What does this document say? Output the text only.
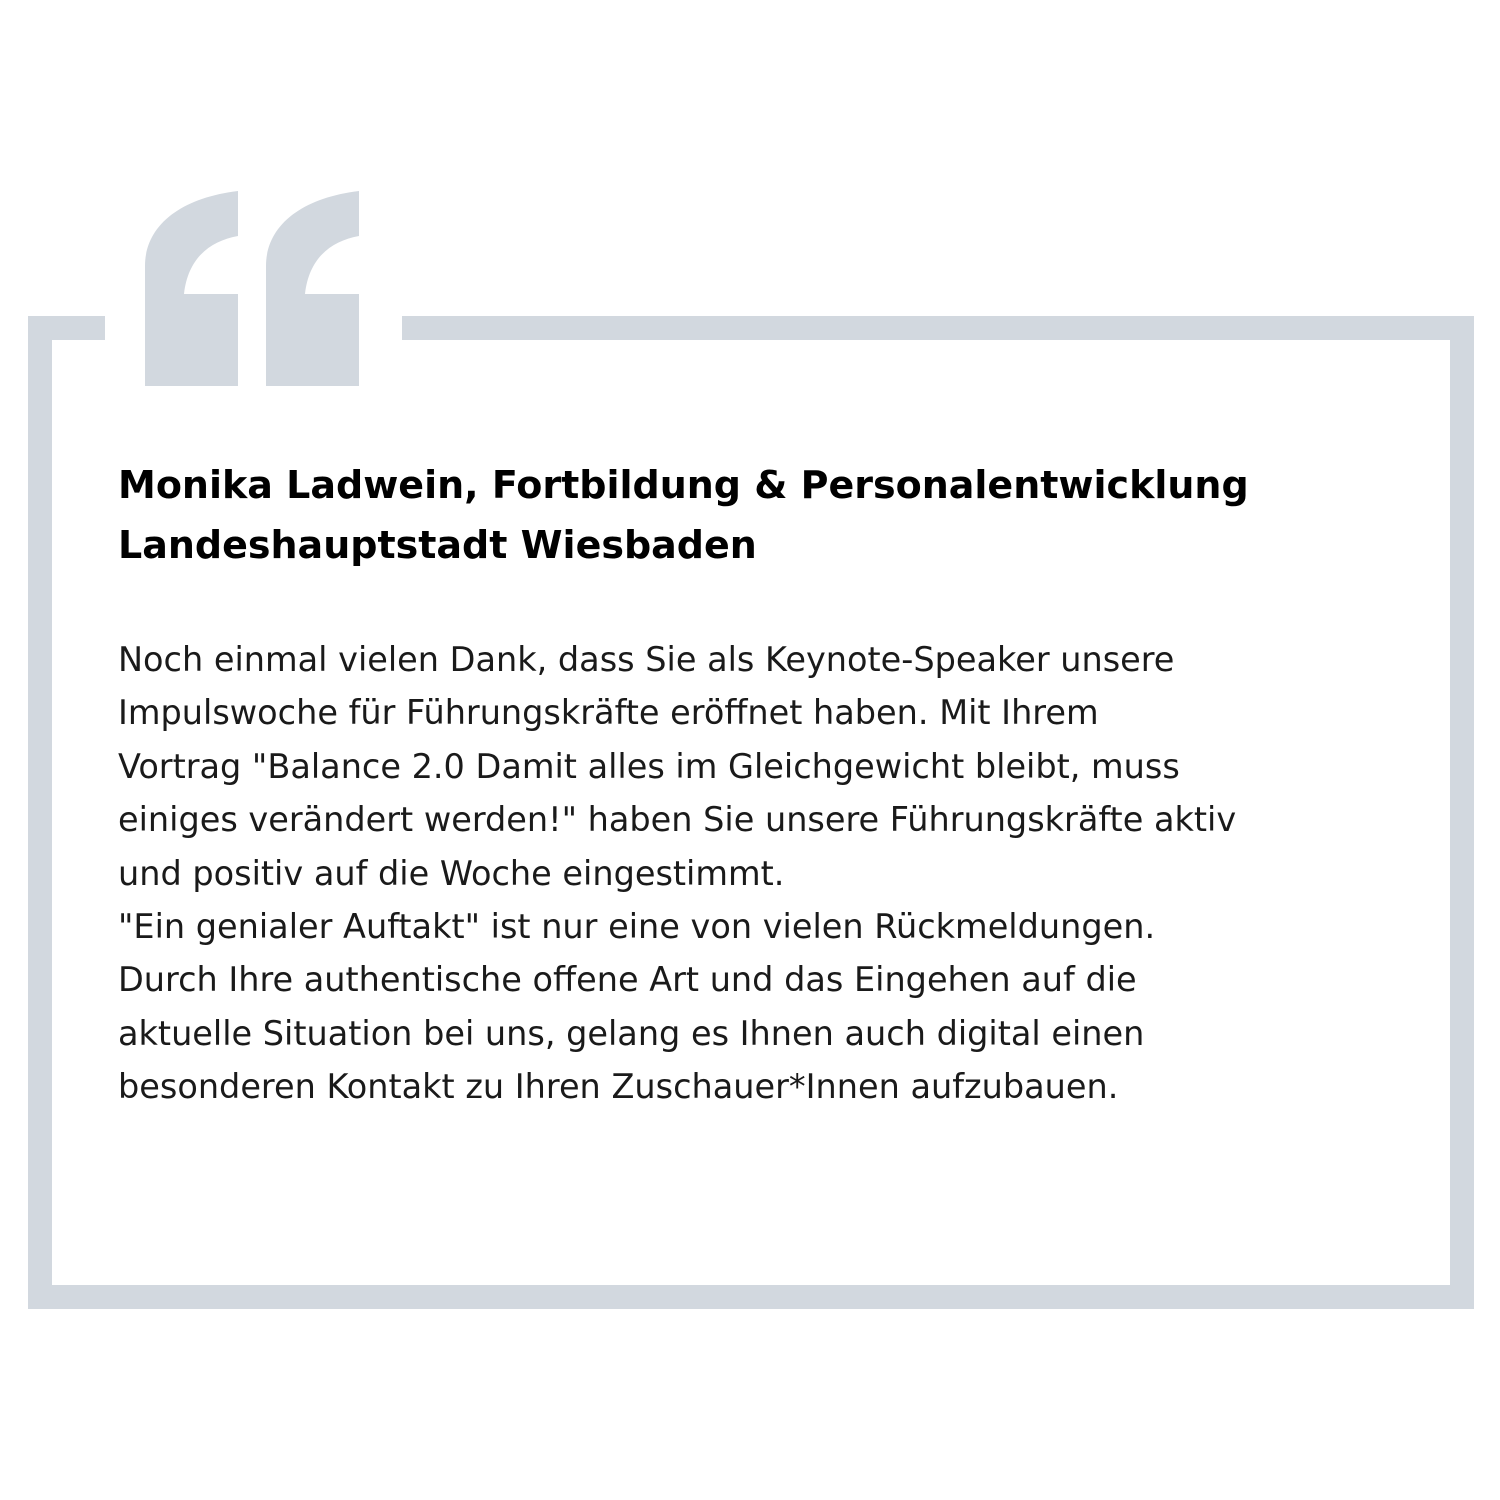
Monika Ladwein, Fortbildung & Personalentwicklung
Landeshauptstadt Wiesbaden

Noch einmal vielen Dank, dass Sie als Keynote-Speaker unsere
Impulswoche für Führungskräfte eröffnet haben. Mit Ihrem
Vortrag "Balance 2.0 Damit alles im Gleichgewicht bleibt, muss
einiges verändert werden!" haben Sie unsere Führungskräfte aktiv
und positiv auf die Woche eingestimmt.
"Ein genialer Auftakt" ist nur eine von vielen Rückmeldungen.
Durch Ihre authentische offene Art und das Eingehen auf die
aktuelle Situation bei uns, gelang es Ihnen auch digital einen
besonderen Kontakt zu Ihren Zuschauer*Innen aufzubauen.
